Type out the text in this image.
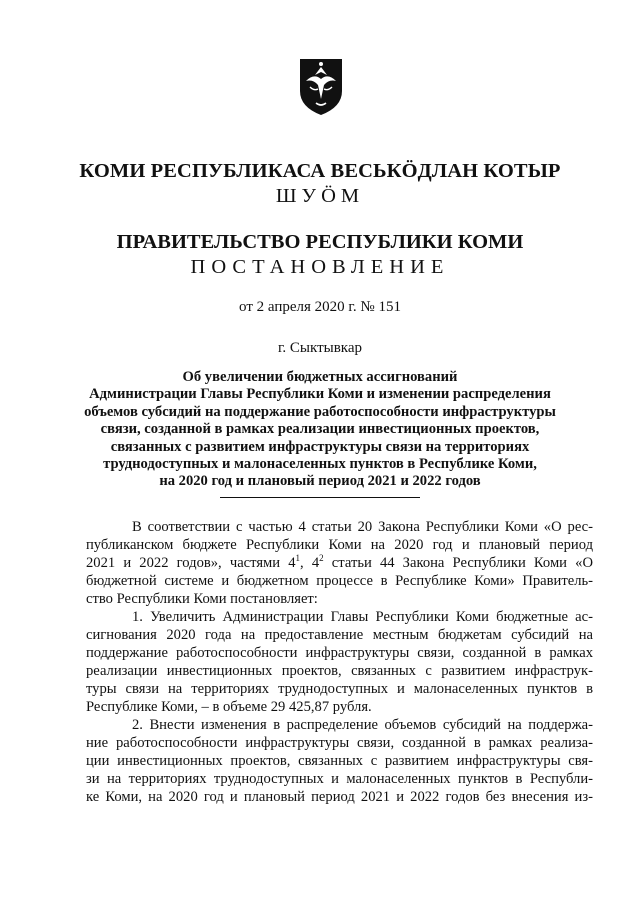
КОМИ РЕСПУБЛИКАСА ВЕСЬКӦДЛАН КОТЫР
ШУӦМ
ПРАВИТЕЛЬСТВО РЕСПУБЛИКИ КОМИ
ПОСТАНОВЛЕНИЕ
от 2 апреля 2020 г. № 151
г. Сыктывкар
Об увеличении бюджетных ассигнований
Администрации Главы Республики Коми и изменении распределения
объемов субсидий на поддержание работоспособности инфраструктуры
связи, созданной в рамках реализации инвестиционных проектов,
связанных с развитием инфраструктуры связи на территориях
труднодоступных и малонаселенных пунктов в Республике Коми,
на 2020 год и плановый период 2021 и 2022 годов
В соответствии с частью 4 статьи 20 Закона Республики Коми «О рес-
публиканском бюджете Республики Коми на 2020 год и плановый период
2021 и 2022 годов», частями $4^1$, $4^2$ статьи 44 Закона Республики Коми «О
бюджетной системе и бюджетном процессе в Республике Коми» Правитель-
ство Республики Коми постановляет:
1. Увеличить Администрации Главы Республики Коми бюджетные ас-
сигнования 2020 года на предоставление местным бюджетам субсидий на
поддержание работоспособности инфраструктуры связи, созданной в рамках
реализации инвестиционных проектов, связанных с развитием инфраструк-
туры связи на территориях труднодоступных и малонаселенных пунктов в
Республике Коми, – в объеме 29 425,87 рубля.
2. Внести изменения в распределение объемов субсидий на поддержа-
ние работоспособности инфраструктуры связи, созданной в рамках реализа-
ции инвестиционных проектов, связанных с развитием инфраструктуры свя-
зи на территориях труднодоступных и малонаселенных пунктов в Республи-
ке Коми, на 2020 год и плановый период 2021 и 2022 годов без внесения из-
